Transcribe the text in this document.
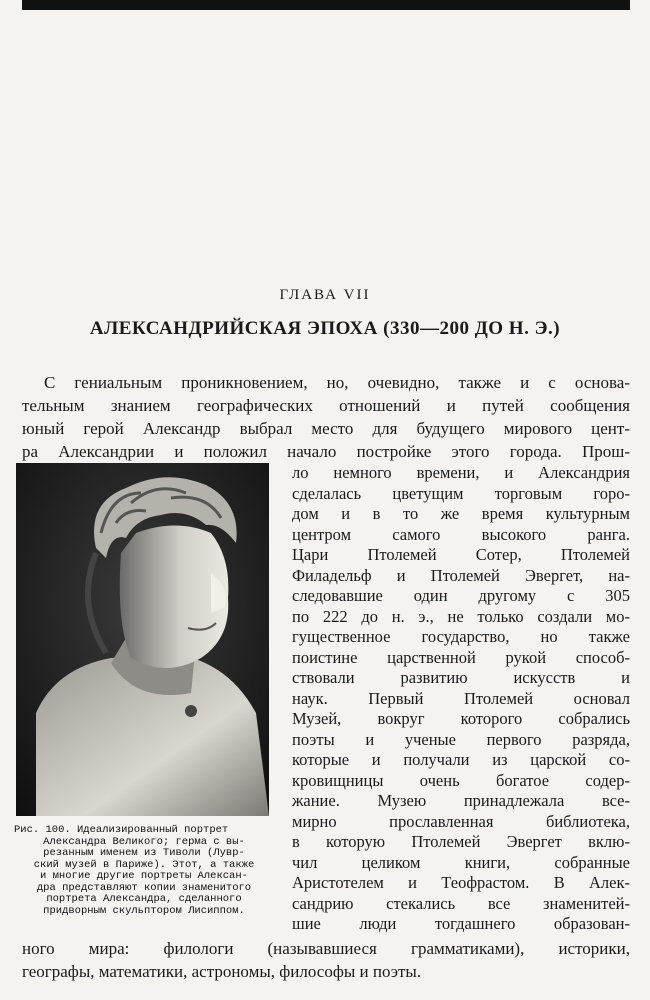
ГЛАВА VII
АЛЕКСАНДРИЙСКАЯ ЭПОХА (330—200 ДО Н. Э.)
С гениальным проникновением, но, очевидно, также и с основа-
тельным знанием географических отношений и путей сообщения
юный герой Александр выбрал место для будущего мирового цент-
ра Александрии и положил начало постройке этого города. Прош-
ло немного времени, и Александрия
сделалась цветущим торговым горо-
дом и в то же время культурным
центром самого высокого ранга.
Цари Птолемей Сотер, Птолемей
Филадельф и Птолемей Эвергет, на-
следовавшие один другому с 305
по 222 до н. э., не только создали мо-
гущественное государство, но также
поистине царственной рукой способ-
ствовали развитию искусств и
наук. Первый Птолемей основал
Музей, вокруг которого собрались
поэты и ученые первого разряда,
которые и получали из царской со-
кровищницы очень богатое содер-
жание. Музею принадлежала все-
мирно прославленная библиотека,
в которую Птолемей Эвергет вклю-
чил целиком книги, собранные
Аристотелем и Теофрастом. В Алек-
сандрию стекались все знаменитей-
шие люди тогдашнего образован-
ного мира: филологи (называвшиеся грамматиками), историки,
географы, математики, астрономы, философы и поэты.
Рис. 100. Идеализированный портрет
Александра Великого; герма с вы-
резанным именем из Тиволи (Лувр-
ский музей в Париже). Этот, а также
и многие другие портреты Алексан-
дра представляют копии знаменитого
портрета Александра, сделанного
придворным скульптором Лисиппом.
